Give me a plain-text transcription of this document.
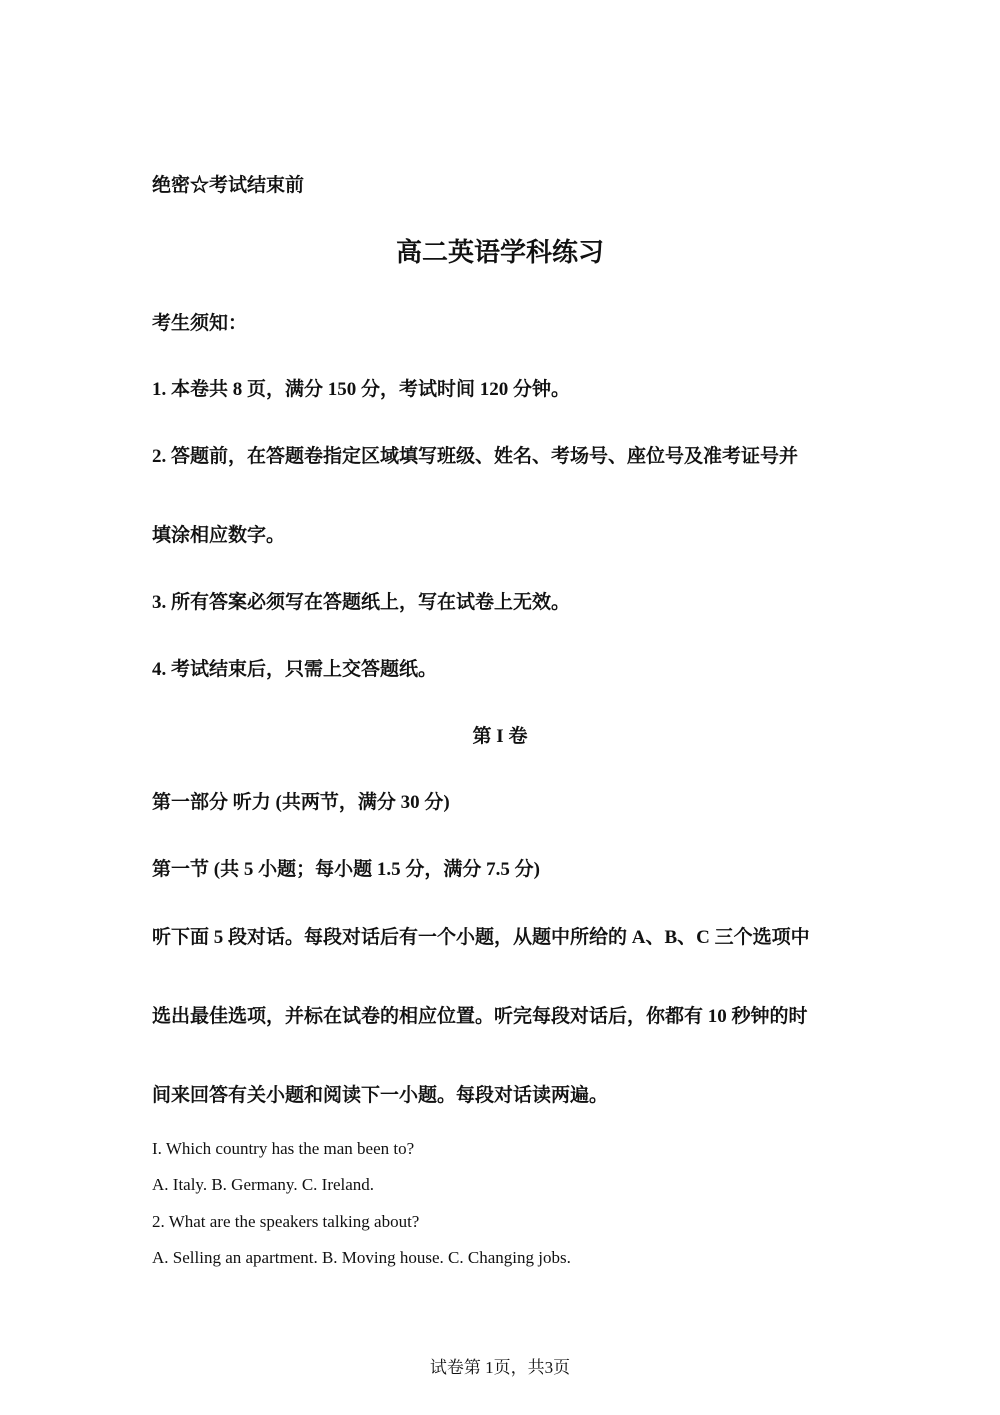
绝密☆考试结束前
高二英语学科练习
考生须知：
1. 本卷共 8 页，满分 150 分，考试时间 120 分钟。
2. 答题前，在答题卷指定区域填写班级、姓名、考场号、座位号及准考证号并
填涂相应数字。
3. 所有答案必须写在答题纸上，写在试卷上无效。
4. 考试结束后，只需上交答题纸。
第 I 卷
第一部分 听力 (共两节，满分 30 分)
第一节 (共 5 小题；每小题 1.5 分，满分 7.5 分)
听下面 5 段对话。每段对话后有一个小题，从题中所给的 A、B、C 三个选项中
选出最佳选项，并标在试卷的相应位置。听完每段对话后，你都有 10 秒钟的时
间来回答有关小题和阅读下一小题。每段对话读两遍。
I. Which country has the man been to?
A. Italy. B. Germany. C. Ireland.
2. What are the speakers talking about?
A. Selling an apartment. B. Moving house. C. Changing jobs.
试卷第 1页，共3页
